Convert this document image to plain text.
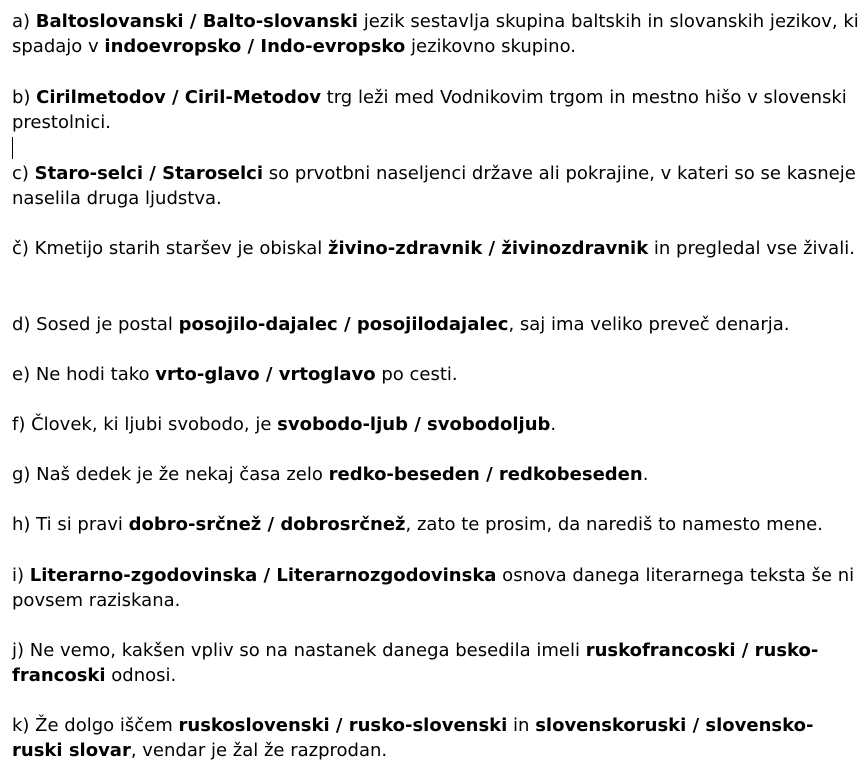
a) Baltoslovanski / Balto-slovanski jezik sestavlja skupina baltskih in slovanskih jezikov, ki spadajo v indoevropsko / Indo-evropsko jezikovno skupino.

b) Cirilmetodov / Ciril-Metodov trg leži med Vodnikovim trgom in mestno hišo v slovenski prestolnici.

c) Staro-selci / Staroselci so prvotbni naseljenci države ali pokrajine, v kateri so se kasneje naselila druga ljudstva.

č) Kmetijo starih staršev je obiskal živino-zdravnik / živinozdravnik in pregledal vse živali.

d) Sosed je postal posojilo-dajalec / posojilodajalec, saj ima veliko preveč denarja.

e) Ne hodi tako vrto-glavo / vrtoglavo po cesti.

f) Človek, ki ljubi svobodo, je svobodo-ljub / svobodoljub.

g) Naš dedek je že nekaj časa zelo redko-beseden / redkobeseden.

h) Ti si pravi dobro-srčnež / dobrosrčnež, zato te prosim, da narediš to namesto mene.

i) Literarno-zgodovinska / Literarnozgodovinska osnova danega literarnega teksta še ni povsem raziskana.

j) Ne vemo, kakšen vpliv so na nastanek danega besedila imeli ruskofrancoski / rusko-francoski odnosi.

k) Že dolgo iščem ruskoslovenski / rusko-slovenski in slovenskoruski / slovensko-ruski slovar, vendar je žal že razprodan.
